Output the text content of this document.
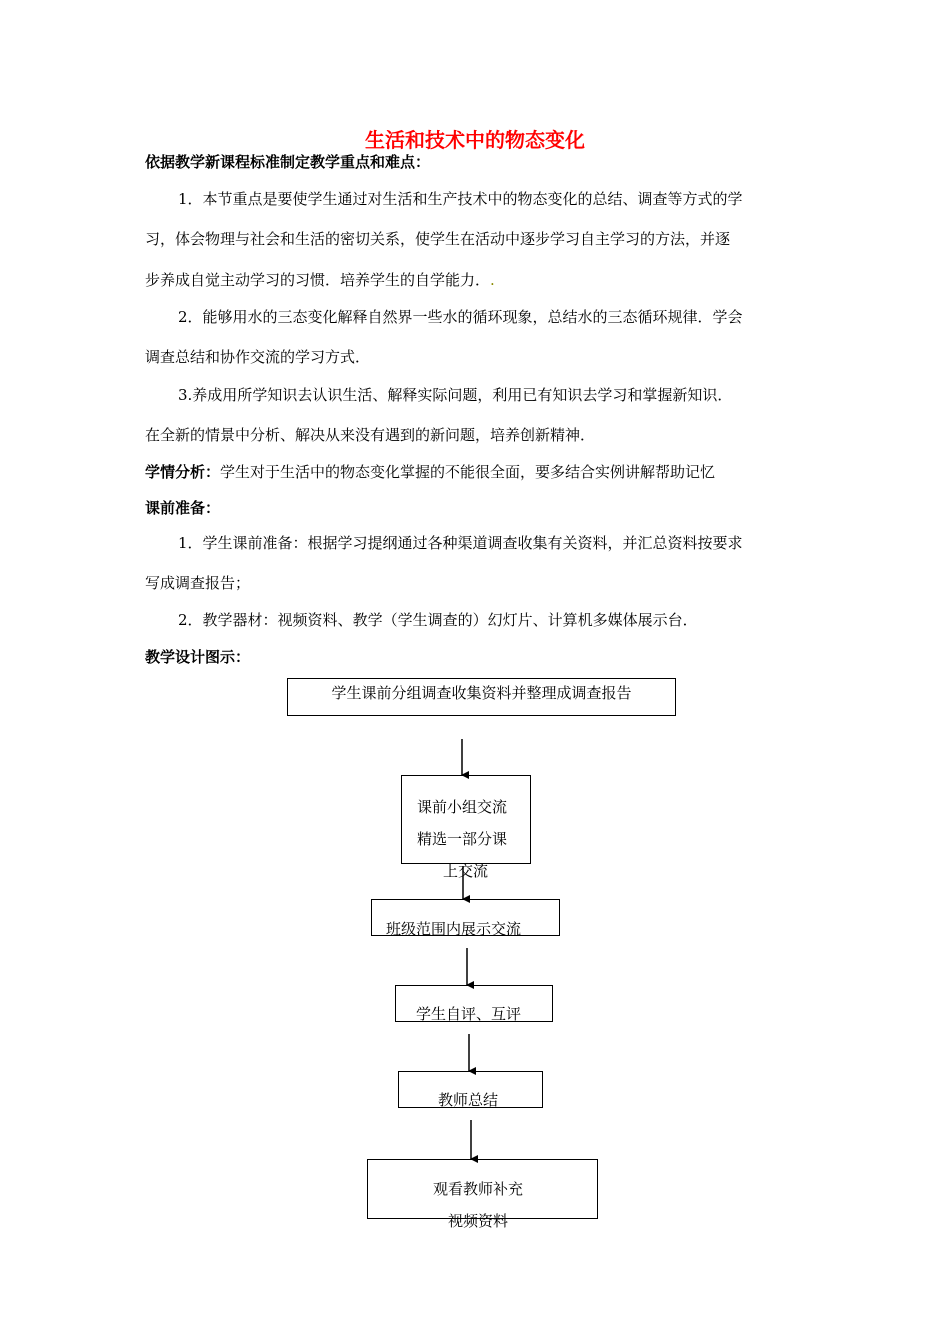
生活和技术中的物态变化
依据教学新课程标准制定教学重点和难点：
1．本节重点是要使学生通过对生活和生产技术中的物态变化的总结、调查等方式的学
习，体会物理与社会和生活的密切关系，使学生在活动中逐步学习自主学习的方法，并逐
步养成自觉主动学习的习惯．培养学生的自学能力．.
2．能够用水的三态变化解释自然界一些水的循环现象，总结水的三态循环规律．学会
调查总结和协作交流的学习方式．
3.养成用所学知识去认识生活、解释实际问题，利用已有知识去学习和掌握新知识．
在全新的情景中分析、解决从来没有遇到的新问题，培养创新精神．
学情分析：学生对于生活中的物态变化掌握的不能很全面，要多结合实例讲解帮助记忆
课前准备：
1．学生课前准备：根据学习提纲通过各种渠道调查收集有关资料，并汇总资料按要求
写成调查报告；
2．教学器材：视频资料、教学（学生调查的）幻灯片、计算机多媒体展示台．
教学设计图示：
学生课前分组调查收集资料并整理成调查报告
课前小组交流
精选一部分课
上交流
班级范围内展示交流
学生自评、互评
教师总结
观看教师补充
视频资料
